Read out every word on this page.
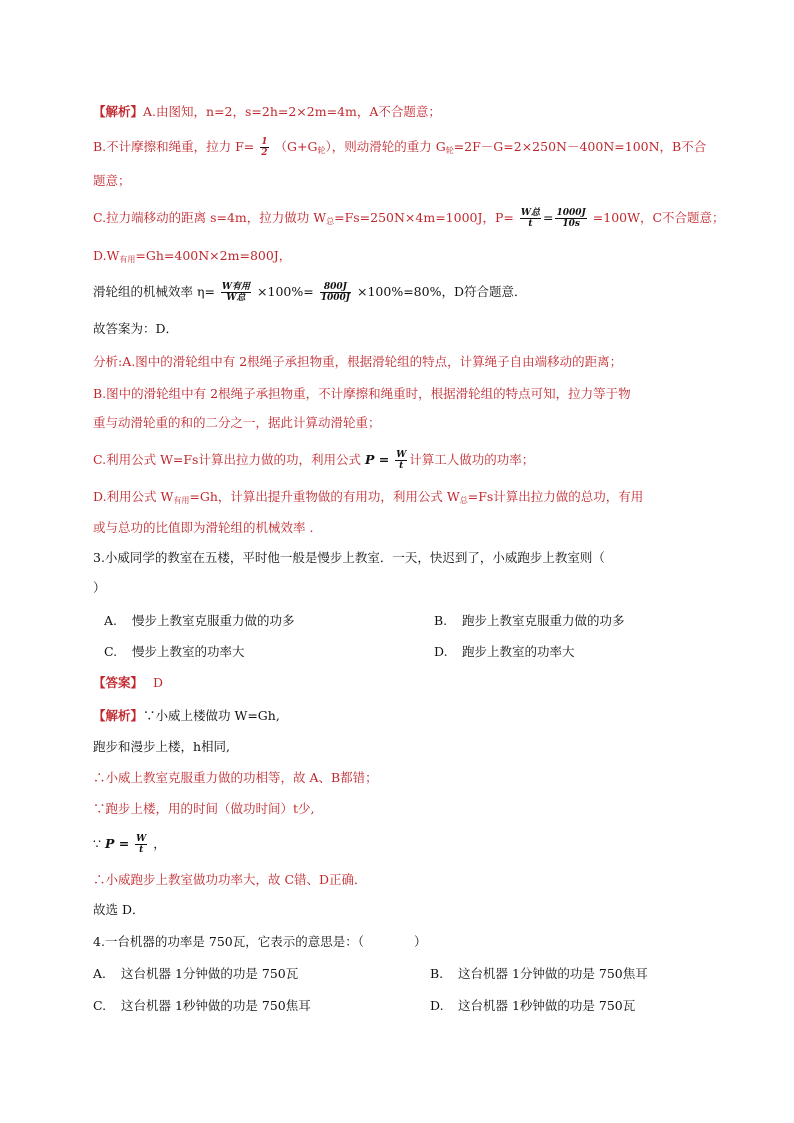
【解析】A.由图知，n=2，s=2h=2×2m=4m，A不合题意；
B.不计摩擦和绳重，拉力 $F= \frac{1}{2} (G+G_轮)$，则动滑轮的重力 $G_轮=2F-G=2\times 250N-400N=100N$，B不合
题意；
C.拉力端移动的距离 s=4m，拉力做功 $W_总=Fs=250N\times 4m=1000J$，$P= \frac{\text{W总}}{t} = \frac{1000J}{10s} =100W$，C不合题意；
$D.W_{有用}=Gh=400N\times 2m=800J$，
滑轮组的机械效率 $\eta= \frac{\text{W有用}}{\text{W总}} \times 100\%= \frac{800J}{1000J} \times 100\%=80\%$，D符合题意．
故答案为：D．
分析:A.图中的滑轮组中有 2根绳子承担物重，根据滑轮组的特点，计算绳子自由端移动的距离；
B.图中的滑轮组中有 2根绳子承担物重，不计摩擦和绳重时，根据滑轮组的特点可知，拉力等于物
重与动滑轮重的和的二分之一，据此计算动滑轮重；
C.利用公式 W=Fs计算出拉力做的功，利用公式 $P = \frac{W}{t}$ 计算工人做功的功率；
D.利用公式 $W_{有用}=Gh$，计算出提升重物做的有用功，利用公式 $W_总=Fs$计算出拉力做的总功，有用
或与总功的比值即为滑轮组的机械效率 .
3.小威同学的教室在五楼，平时他一般是慢步上教室．一天，快迟到了，小威跑步上教室则（
）
A. 慢步上教室克服重力做的功多	B. 跑步上教室克服重力做的功多
C. 慢步上教室的功率大	D. 跑步上教室的功率大
【答案】 D
【解析】∵小威上楼做功 W=Gh,
跑步和漫步上楼，h相同,
∴小威上教室克服重力做的功相等，故 A、B都错；
∵跑步上楼，用的时间（做功时间）t少,
∵ $P = \frac{W}{t}$ ，
∴小威跑步上教室做功功率大，故 C错、D正确．
故选 D．
4.一台机器的功率是 750瓦，它表示的意思是：（　　　　）
A. 这台机器 1分钟做的功是 750瓦	B. 这台机器 1分钟做的功是 750焦耳
C. 这台机器 1秒钟做的功是 750焦耳	D. 这台机器 1秒钟做的功是 750瓦
